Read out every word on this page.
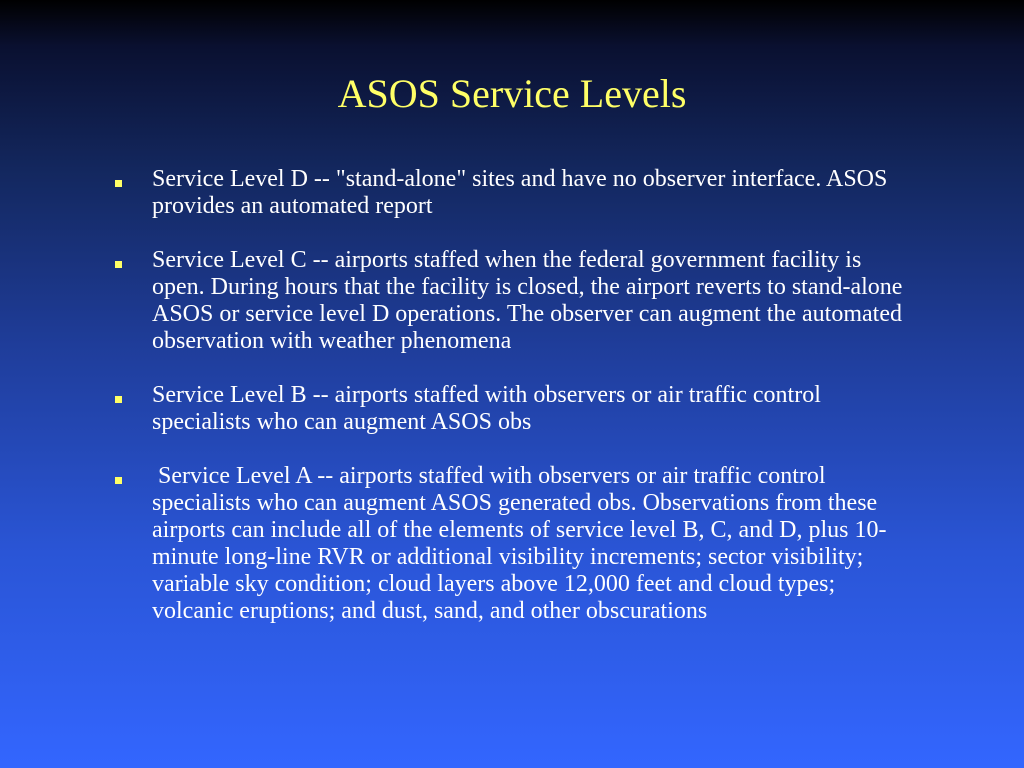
ASOS Service Levels
Service Level D -- "stand-alone" sites and have no observer interface. ASOS provides an automated report
Service Level C -- airports staffed when the federal government facility is open. During hours that the facility is closed, the airport reverts to stand-alone ASOS or service level D operations. The observer can augment the automated observation with weather phenomena
Service Level B -- airports staffed with observers or air traffic control specialists who can augment ASOS obs
Service Level A -- airports staffed with observers or air traffic control specialists who can augment ASOS generated obs. Observations from these airports can include all of the elements of service level B, C, and D, plus 10-minute long-line RVR or additional visibility increments; sector visibility; variable sky condition; cloud layers above 12,000 feet and cloud types; volcanic eruptions; and dust, sand, and other obscurations
